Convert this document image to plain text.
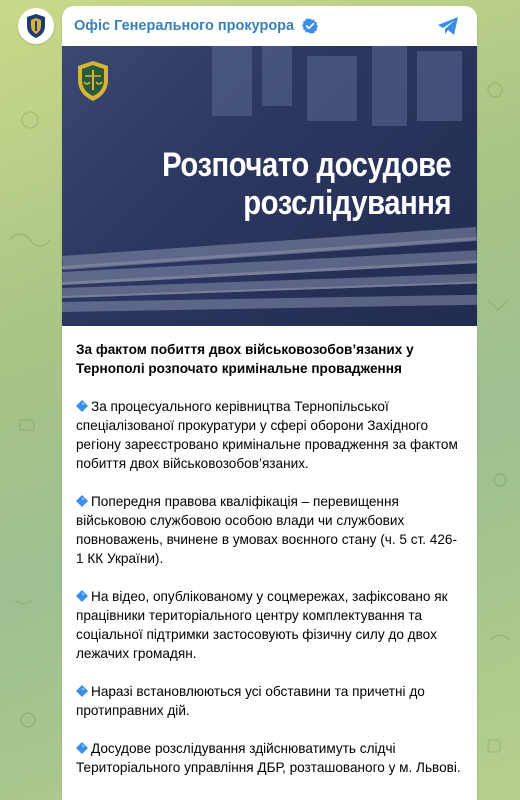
Офіс Генерального прокурора
Розпочато досудове
розслідування

За фактом побиття двох військовозобов’язаних у Тернополі розпочато кримінальне провадження

За процесуального керівництва Тернопільської спеціалізованої прокуратури у сфері оборони Західного регіону зареєстровано кримінальне провадження за фактом побиття двох військовозобов’язаних.

Попередня правова кваліфікація – перевищення військовою службовою особою влади чи службових повноважень, вчинене в умовах воєнного стану (ч. 5 ст. 426-1 КК України).

На відео, опублікованому у соцмережах, зафіксовано як працівники територіального центру комплектування та соціальної підтримки застосовують фізичну силу до двох лежачих громадян.

Наразі встановлюються усі обставини та причетні до протиправних дій.

Досудове розслідування здійснюватимуть слідчі Територіального управління ДБР, розташованого у м. Львові.
